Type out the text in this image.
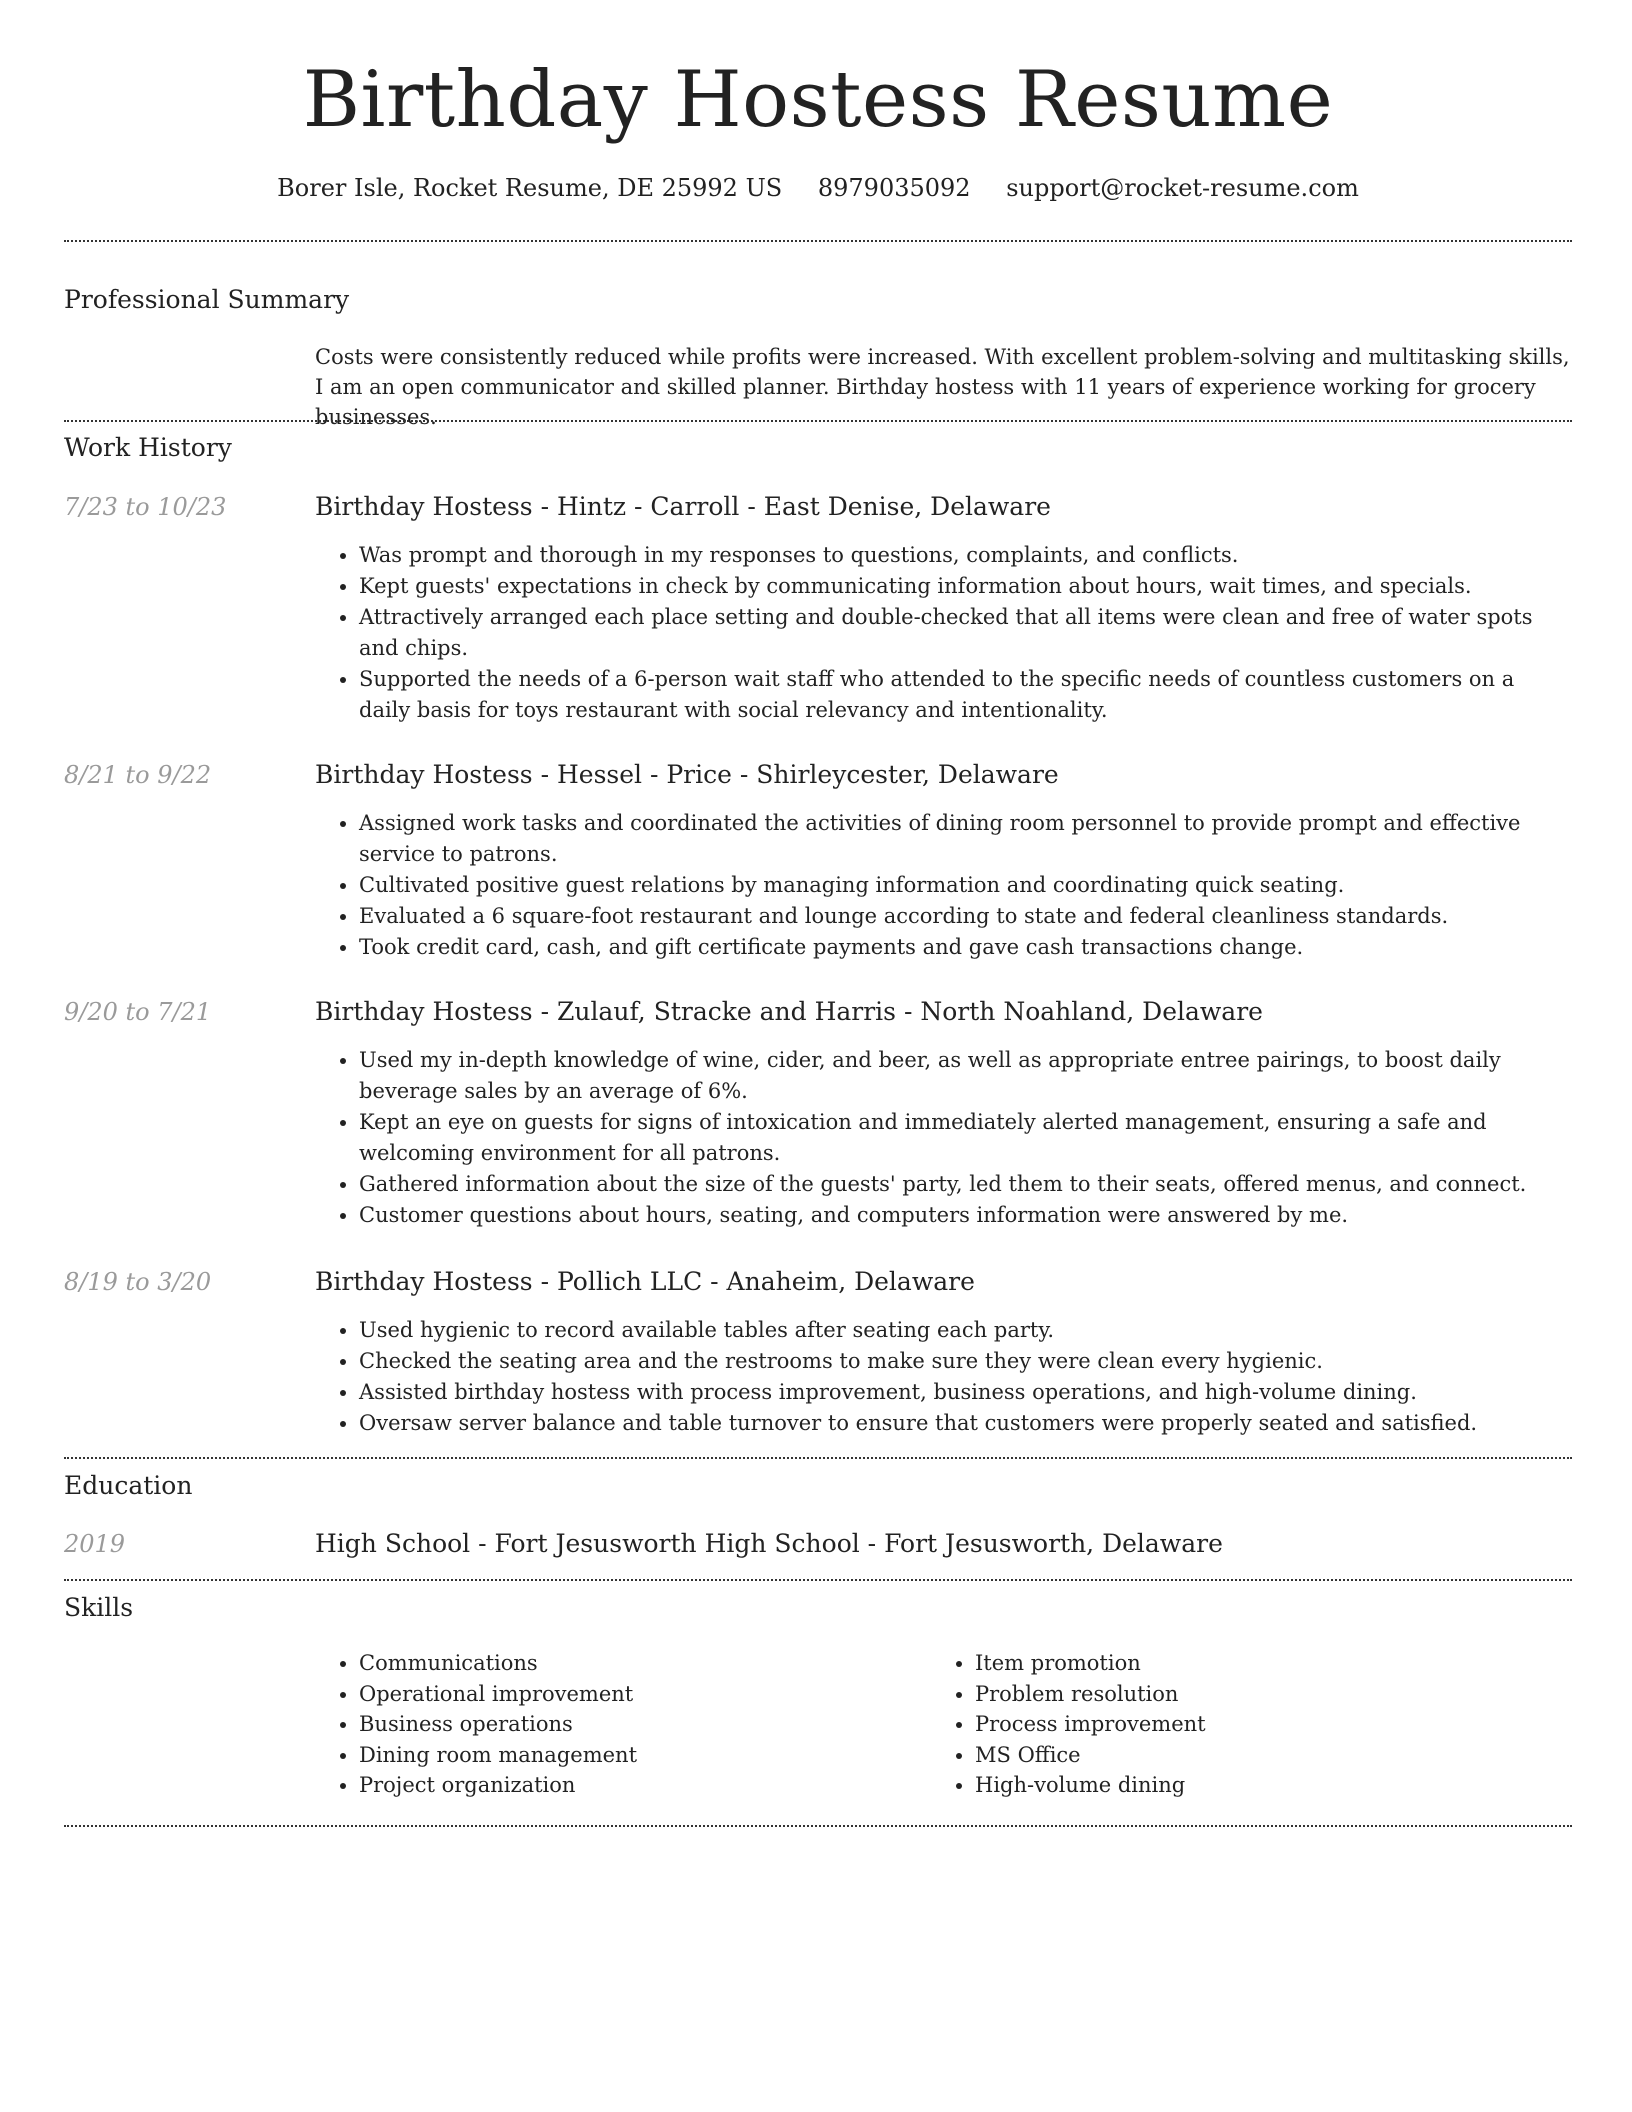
Birthday Hostess Resume
Borer Isle, Rocket Resume, DE 25992 US 8979035092 support@rocket-resume.com
Professional Summary
Costs were consistently reduced while profits were increased. With excellent problem-solving and multitasking skills, I am an open communicator and skilled planner. Birthday hostess with 11 years of experience working for grocery businesses.
Work History
7/23 to 10/23	Birthday Hostess - Hintz - Carroll - East Denise, Delaware
• Was prompt and thorough in my responses to questions, complaints, and conflicts.
• Kept guests' expectations in check by communicating information about hours, wait times, and specials.
• Attractively arranged each place setting and double-checked that all items were clean and free of water spots and chips.
• Supported the needs of a 6-person wait staff who attended to the specific needs of countless customers on a daily basis for toys restaurant with social relevancy and intentionality.
8/21 to 9/22	Birthday Hostess - Hessel - Price - Shirleycester, Delaware
• Assigned work tasks and coordinated the activities of dining room personnel to provide prompt and effective service to patrons.
• Cultivated positive guest relations by managing information and coordinating quick seating.
• Evaluated a 6 square-foot restaurant and lounge according to state and federal cleanliness standards.
• Took credit card, cash, and gift certificate payments and gave cash transactions change.
9/20 to 7/21	Birthday Hostess - Zulauf, Stracke and Harris - North Noahland, Delaware
• Used my in-depth knowledge of wine, cider, and beer, as well as appropriate entree pairings, to boost daily beverage sales by an average of 6%.
• Kept an eye on guests for signs of intoxication and immediately alerted management, ensuring a safe and welcoming environment for all patrons.
• Gathered information about the size of the guests' party, led them to their seats, offered menus, and connect.
• Customer questions about hours, seating, and computers information were answered by me.
8/19 to 3/20	Birthday Hostess - Pollich LLC - Anaheim, Delaware
• Used hygienic to record available tables after seating each party.
• Checked the seating area and the restrooms to make sure they were clean every hygienic.
• Assisted birthday hostess with process improvement, business operations, and high-volume dining.
• Oversaw server balance and table turnover to ensure that customers were properly seated and satisfied.
Education
2019	High School - Fort Jesusworth High School - Fort Jesusworth, Delaware
Skills
• Communications
• Operational improvement
• Business operations
• Dining room management
• Project organization
• Item promotion
• Problem resolution
• Process improvement
• MS Office
• High-volume dining
